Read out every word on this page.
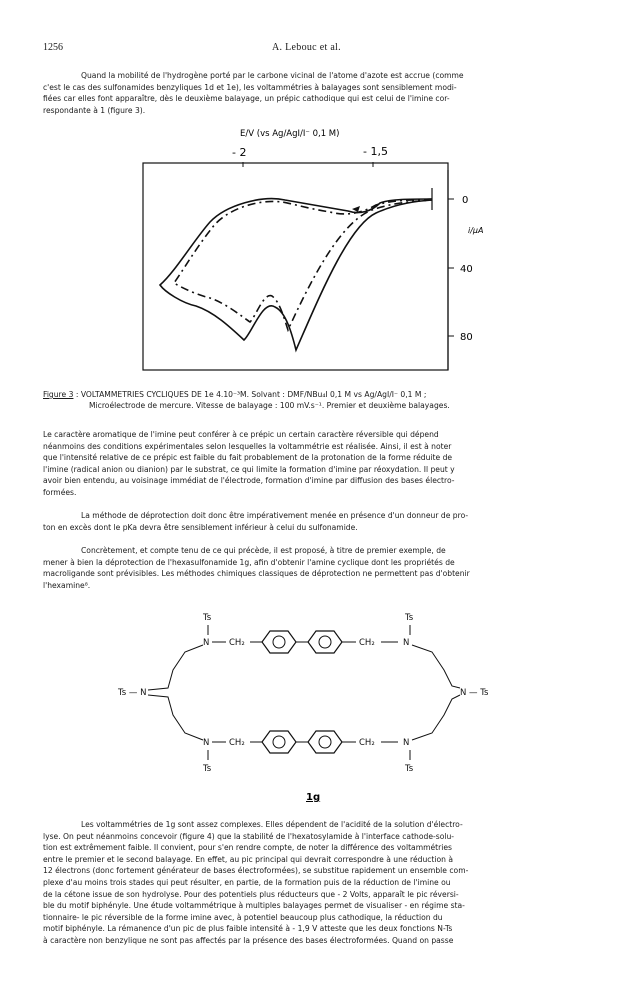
1256	A. Lebouc et al.
Quand la mobilité de l'hydrogène porté par le carbone vicinal de l'atome d'azote est accrue (comme
c'est le cas des sulfonamides benzyliques 1d et 1e), les voltammétries à balayages sont sensiblement modi-
fiées car elles font apparaître, dès le deuxième balayage, un prépic cathodique qui est celui de l'imine cor-
respondante à 1 (figure 3).
E/V (vs Ag/AgI/I⁻ 0,1 M)
- 2	- 1,5
0
40
80
i/µA
Figure 3 : VOLTAMMETRIES CYCLIQUES DE 1e 4.10⁻³M. Solvant : DMF/NBu₄I 0,1 M vs Ag/AgI/I⁻ 0,1 M ;
Microélectrode de mercure. Vitesse de balayage : 100 mV.s⁻¹. Premier et deuxième balayages.
Le caractère aromatique de l'imine peut conférer à ce prépic un certain caractère réversible qui dépend
néanmoins des conditions expérimentales selon lesquelles la voltammétrie est réalisée. Ainsi, il est à noter
que l'intensité relative de ce prépic est faible du fait probablement de la protonation de la forme réduite de
l'imine (radical anion ou dianion) par le substrat, ce qui limite la formation d'imine par réoxydation. Il peut y
avoir bien entendu, au voisinage immédiat de l'électrode, formation d'imine par diffusion des bases électro-
formées.
La méthode de déprotection doit donc être impérativement menée en présence d'un donneur de pro-
ton en excès dont le pKa devra être sensiblement inférieur à celui du sulfonamide.
Concrètement, et compte tenu de ce qui précède, il est proposé, à titre de premier exemple, de
mener à bien la déprotection de l'hexasulfonamide 1g, afin d'obtenir l'amine cyclique dont les propriétés de
macroligande sont prévisibles. Les méthodes chimiques classiques de déprotection ne permettent pas d'obtenir
l'hexamine⁸.
Ts	Ts
N CH₂	CH₂	N
Ts — N	N — Ts
N CH₂	CH₂	N
Ts	Ts
1g
Les voltammétries de 1g sont assez complexes. Elles dépendent de l'acidité de la solution d'électro-
lyse. On peut néanmoins concevoir (figure 4) que la stabilité de l'hexatosylamide à l'interface cathode-solu-
tion est extrêmement faible. Il convient, pour s'en rendre compte, de noter la différence des voltammétries
entre le premier et le second balayage. En effet, au pic principal qui devrait correspondre à une réduction à
12 électrons (donc fortement générateur de bases électroformées), se substitue rapidement un ensemble com-
plexe d'au moins trois stades qui peut résulter, en partie, de la formation puis de la réduction de l'imine ou
de la cétone issue de son hydrolyse. Pour des potentiels plus réducteurs que - 2 Volts, apparaît le pic réversi-
ble du motif biphényle. Une étude voltammétrique à multiples balayages permet de visualiser - en régime sta-
tionnaire- le pic réversible de la forme imine avec, à potentiel beaucoup plus cathodique, la réduction du
motif biphényle. La rémanence d'un pic de plus faible intensité à - 1,9 V atteste que les deux fonctions N-Ts
à caractère non benzylique ne sont pas affectés par la présence des bases électroformées. Quand on passe
